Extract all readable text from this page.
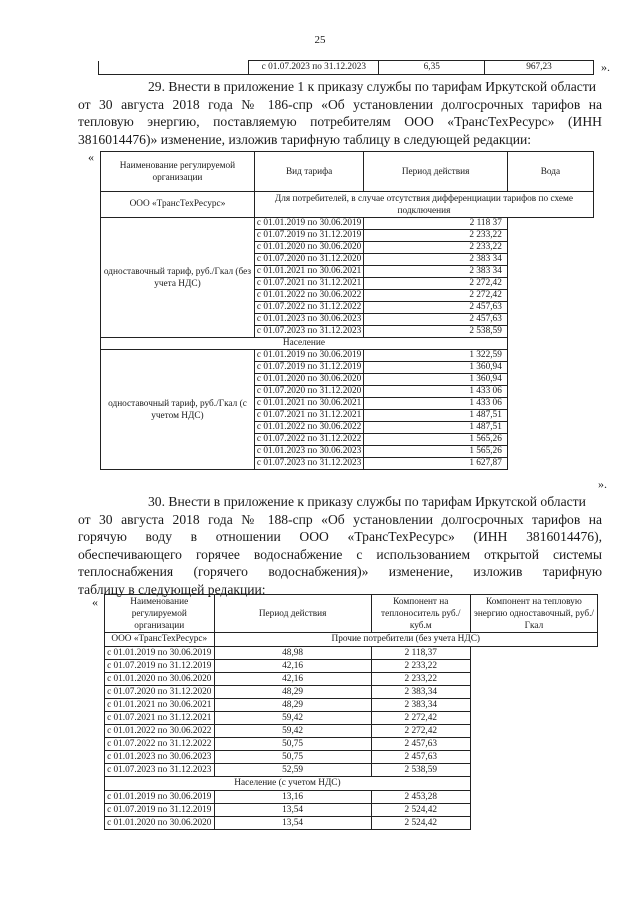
25
	с 01.07.2023 по 31.12.2023	6,35	967,23	».
29. Внести в приложение 1 к приказу службы по тарифам Иркутской области
от 30 августа 2018 года № 186-спр «Об установлении долгосрочных тарифов на
тепловую энергию, поставляемую потребителям ООО «ТрансТехРесурс» (ИНН
3816014476)» изменение, изложив тарифную таблицу в следующей редакции:
«
Наименование регулируемой организации	Вид тарифа	Период действия	Вода
ООО «ТрансТехРесурс»	Для потребителей, в случае отсутствия дифференциации тарифов по схеме подключения		
одноставочный тариф, руб./Гкал (без учета НДС)	с 01.01.2019 по 30.06.2019	2 118 37	
	с 01.07.2019 по 31.12.2019	2 233,22	
	с 01.01.2020 по 30.06.2020	2 233,22	
	с 01.07.2020 по 31.12.2020	2 383 34	
	с 01.01.2021 по 30.06.2021	2 383 34	
	с 01.07.2021 по 31.12.2021	2 272,42	
	с 01.01.2022 по 30.06.2022	2 272,42	
	с 01.07.2022 по 31.12.2022	2 457,63	
	с 01.01.2023 по 30.06.2023	2 457,63	
	с 01.07.2023 по 31.12.2023	2 538,59	
Население			
одноставочный тариф, руб./Гкал (с учетом НДС)	с 01.01.2019 по 30.06.2019	1 322,59	
	с 01.07.2019 по 31.12.2019	1 360,94	
	с 01.01.2020 по 30.06.2020	1 360,94	
	с 01.07.2020 по 31.12.2020	1 433 06	
	с 01.01.2021 по 30.06.2021	1 433 06	
	с 01.07.2021 по 31.12.2021	1 487,51	
	с 01.01.2022 по 30.06.2022	1 487,51	
	с 01.07.2022 по 31.12.2022	1 565,26	
	с 01.01.2023 по 30.06.2023	1 565,26	
	с 01.07.2023 по 31.12.2023	1 627,87	
».
30. Внести в приложение к приказу службы по тарифам Иркутской области
от 30 августа 2018 года № 188-спр «Об установлении долгосрочных тарифов на
горячую воду в отношении ООО «ТрансТехРесурс» (ИНН 3816014476),
обеспечивающего горячее водоснабжение с использованием открытой системы
теплоснабжения (горячего водоснабжения)» изменение, изложив тарифную
таблицу в следующей редакции:
«	Наименование регулируемой организации	Период действия	Компонент на теплоноситель руб./куб.м	Компонент на тепловую энергию одноставочный, руб./Гкал
ООО «ТрансТехРесурс»	Прочие потребители (без учета НДС)		
с 01.01.2019 по 30.06.2019	48,98	2 118,37	
с 01.07.2019 по 31.12.2019	42,16	2 233,22	
с 01.01.2020 по 30.06.2020	42,16	2 233,22	
с 01.07.2020 по 31.12.2020	48,29	2 383,34	
с 01.01.2021 по 30.06.2021	48,29	2 383,34	
с 01.07.2021 по 31.12.2021	59,42	2 272,42	
с 01.01.2022 по 30.06.2022	59,42	2 272,42	
с 01.07.2022 по 31.12.2022	50,75	2 457,63	
с 01.01.2023 по 30.06.2023	50,75	2 457,63	
с 01.07.2023 по 31.12.2023	52,59	2 538,59	
Население (с учетом НДС)			
с 01.01.2019 по 30.06.2019	13,16	2 453,28	
с 01.07.2019 по 31.12.2019	13,54	2 524,42	
с 01.01.2020 по 30.06.2020	13,54	2 524,42	
